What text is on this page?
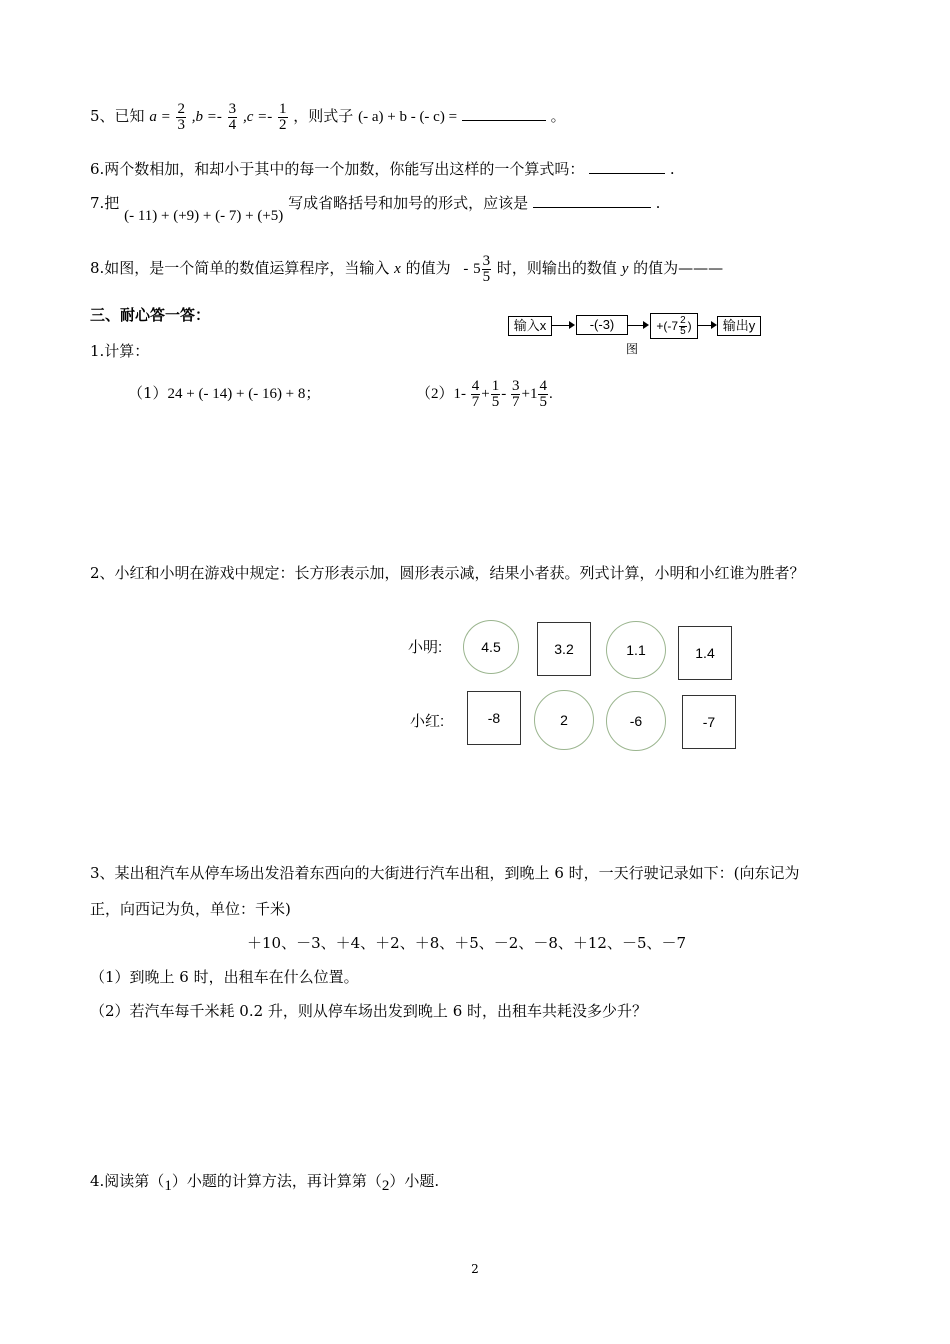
5、已知 $a = \frac{2}{3} ,b =- \frac{3}{4} ,c =- \frac{1}{2}$ ，则式子 (- a) + b - (- c) =	。
6.两个数相加，和却小于其中的每一个加数，你能写出这样的一个算式吗：	.
7.把 (- 11) + (+9) + (- 7) + (+5) 写成省略括号和加号的形式，应该是	.
8.如图，是一个简单的数值运算程序，当输入 x 的值为 - $5 \frac{3}{5}$ 时，则输出的数值 y 的值为———
三、耐心答一答：
输入x	-(-3)	$+(-7 \frac{2}{5}$ )	输出y
图
1.计算：
（1）24 + (- 14) + (- 16) + 8；	$(2)1- \frac{4}{7} + \frac{1}{5} - \frac{3}{7} +1 \frac{4}{5}$ .
2、小红和小明在游戏中规定：长方形表示加，圆形表示减，结果小者获。列式计算，小明和小红谁为胜者？
小明:	4.5	3.2	1.1	1.4
小红:	-8	2	-6	-7
3、某出租汽车从停车场出发沿着东西向的大街进行汽车出租，到晚上 6 时，一天行驶记录如下：(向东记为
正，向西记为负，单位：千米)
＋10、－3、＋4、＋2、＋8、＋5、－2、－8、＋12、－5、－7
（1）到晚上 6 时，出租车在什么位置。
（2）若汽车每千米耗 0.2 升，则从停车场出发到晚上 6 时，出租车共耗没多少升？
4.阅读第（1）小题的计算方法，再计算第（2）小题.
2
